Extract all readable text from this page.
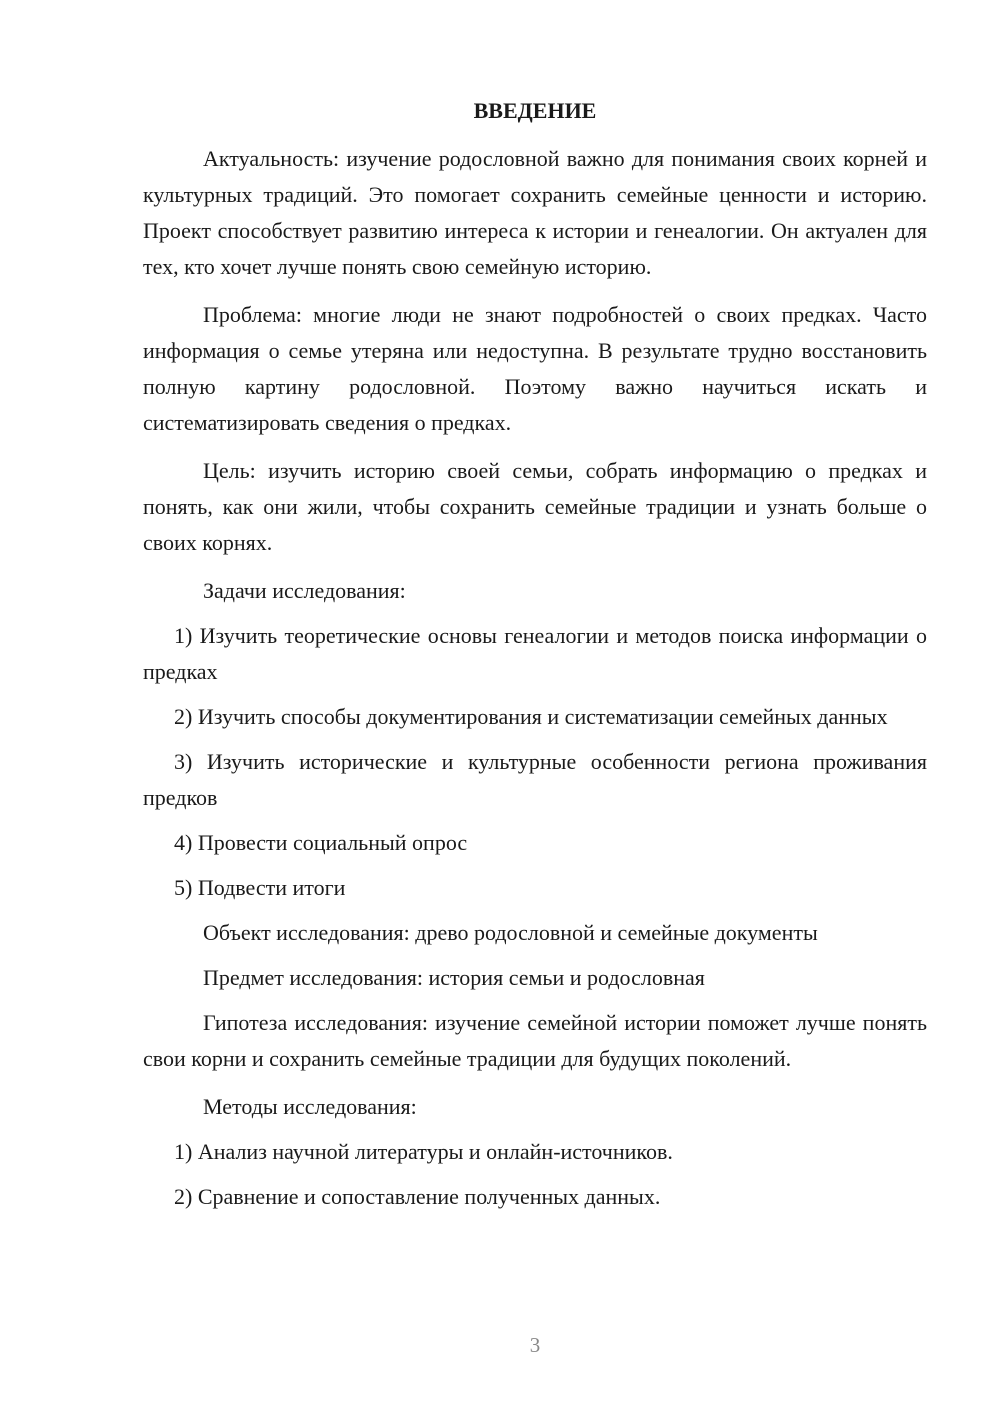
ВВЕДЕНИЕ

Актуальность: изучение родословной важно для понимания своих корней и культурных традиций. Это помогает сохранить семейные ценности и историю. Проект способствует развитию интереса к истории и генеалогии. Он актуален для тех, кто хочет лучше понять свою семейную историю.

Проблема: многие люди не знают подробностей о своих предках. Часто информация о семье утеряна или недоступна. В результате трудно восстановить полную картину родословной. Поэтому важно научиться искать и систематизировать сведения о предках.

Цель: изучить историю своей семьи, собрать информацию о предках и понять, как они жили, чтобы сохранить семейные традиции и узнать больше о своих корнях.

Задачи исследования:

1) Изучить теоретические основы генеалогии и методов поиска информации о предках

2) Изучить способы документирования и систематизации семейных данных

3) Изучить исторические и культурные особенности региона проживания предков

4) Провести социальный опрос

5) Подвести итоги

Объект исследования: древо родословной и семейные документы

Предмет исследования: история семьи и родословная

Гипотеза исследования: изучение семейной истории поможет лучше понять свои корни и сохранить семейные традиции для будущих поколений.

Методы исследования:

1) Анализ научной литературы и онлайн-источников.

2) Сравнение и сопоставление полученных данных.

3
